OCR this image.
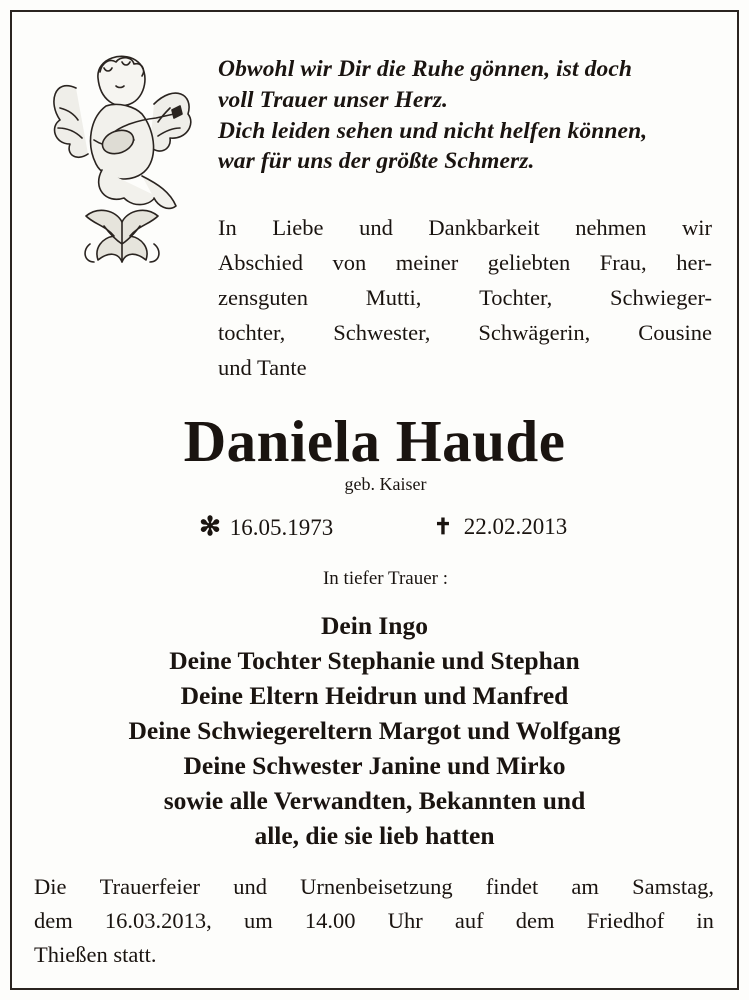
Obwohl wir Dir die Ruhe gönnen, ist doch
voll Trauer unser Herz.
Dich leiden sehen und nicht helfen können,
war für uns der größte Schmerz.
In Liebe und Dankbarkeit nehmen wir
Abschied von meiner geliebten Frau, her-
zensguten	Mutti,	Tochter,	Schwieger-
tochter, Schwester, Schwägerin, Cousine
und Tante
Daniela Haude
geb. Kaiser
✻ 16.05.1973	✝ 22.02.2013
In tiefer Trauer :
Dein Ingo
Deine Tochter Stephanie und Stephan
Deine Eltern Heidrun und Manfred
Deine Schwiegereltern Margot und Wolfgang
Deine Schwester Janine und Mirko
sowie alle Verwandten, Bekannten und
alle, die sie lieb hatten
Die Trauerfeier und Urnenbeisetzung findet am Samstag,
dem 16.03.2013, um 14.00 Uhr auf dem Friedhof in
Thießen statt.
